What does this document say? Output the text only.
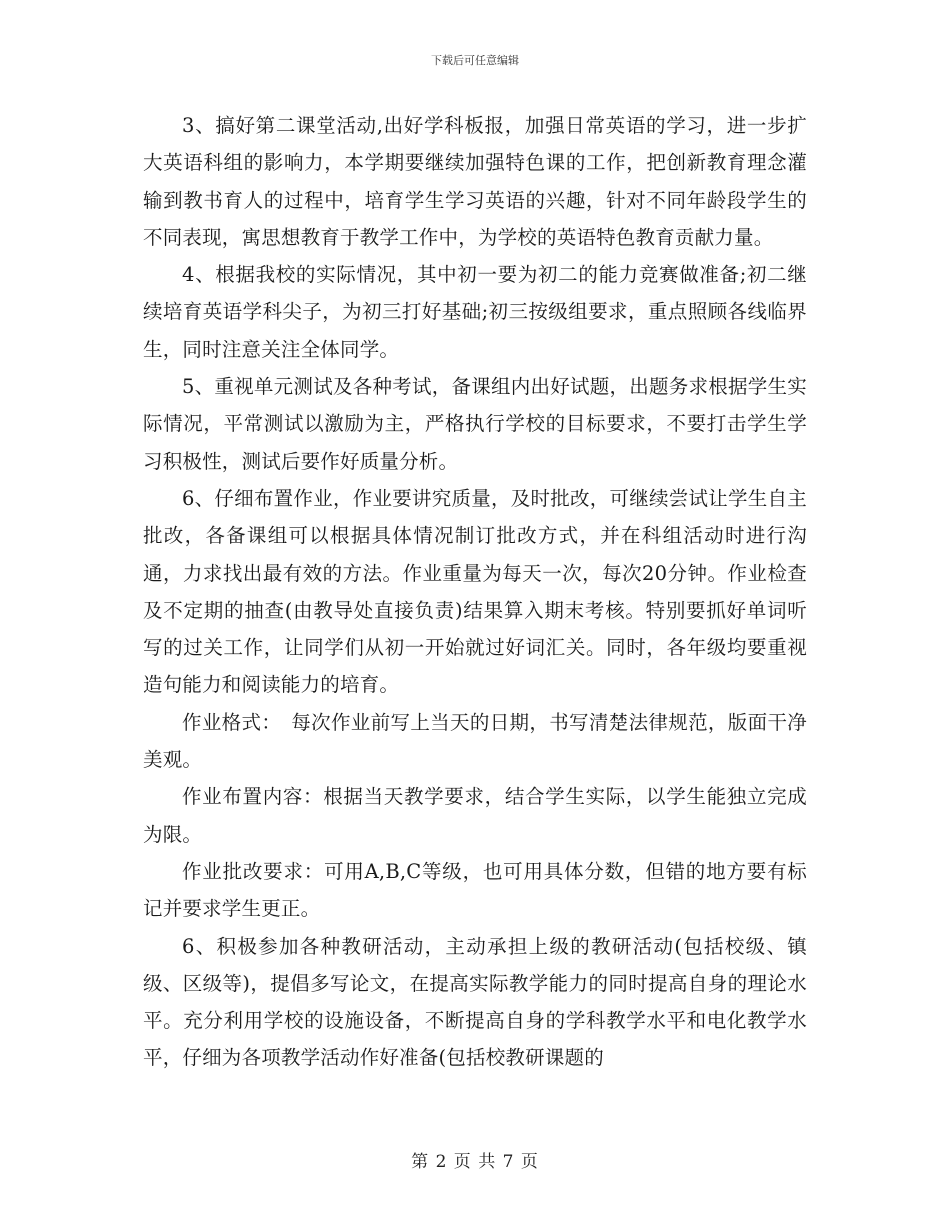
下载后可任意编辑

3、搞好第二课堂活动,出好学科板报，加强日常英语的学习，进一步扩大英语科组的影响力，本学期要继续加强特色课的工作，把创新教育理念灌输到教书育人的过程中，培育学生学习英语的兴趣，针对不同年龄段学生的不同表现，寓思想教育于教学工作中，为学校的英语特色教育贡献力量。

4、根据我校的实际情况，其中初一要为初二的能力竞赛做准备;初二继续培育英语学科尖子，为初三打好基础;初三按级组要求，重点照顾各线临界生，同时注意关注全体同学。

5、重视单元测试及各种考试，备课组内出好试题，出题务求根据学生实际情况，平常测试以激励为主，严格执行学校的目标要求，不要打击学生学习积极性，测试后要作好质量分析。

6、仔细布置作业，作业要讲究质量，及时批改，可继续尝试让学生自主批改，各备课组可以根据具体情况制订批改方式，并在科组活动时进行沟通，力求找出最有效的方法。作业重量为每天一次，每次20分钟。作业检查及不定期的抽查(由教导处直接负责)结果算入期末考核。特别要抓好单词听写的过关工作，让同学们从初一开始就过好词汇关。同时，各年级均要重视造句能力和阅读能力的培育。

作业格式：　每次作业前写上当天的日期，书写清楚法律规范，版面干净美观。

作业布置内容：根据当天教学要求，结合学生实际，以学生能独立完成为限。

作业批改要求：可用A,B,C等级，也可用具体分数，但错的地方要有标记并要求学生更正。

6、积极参加各种教研活动，主动承担上级的教研活动(包括校级、镇级、区级等)，提倡多写论文，在提高实际教学能力的同时提高自身的理论水平。充分利用学校的设施设备，不断提高自身的学科教学水平和电化教学水平，仔细为各项教学活动作好准备(包括校教研课题的

第 2 页 共 7 页
